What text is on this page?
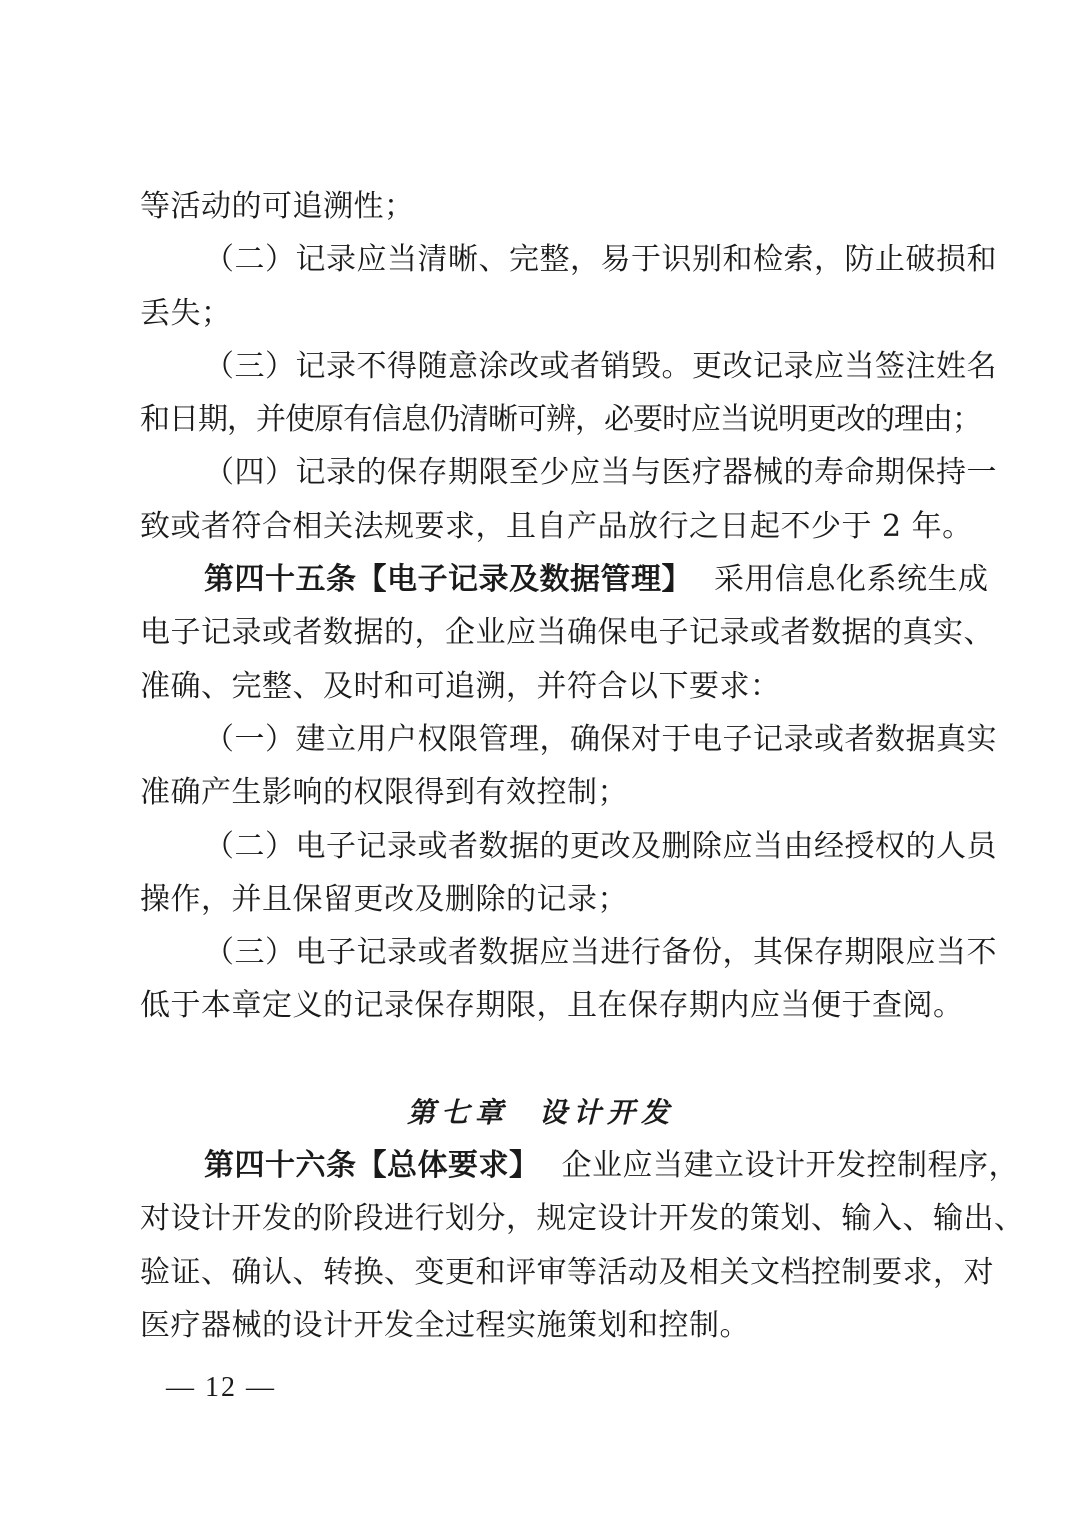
等活动的可追溯性；
（二）记录应当清晰、完整，易于识别和检索，防止破损和
丢失；
（三）记录不得随意涂改或者销毁。更改记录应当签注姓名
和日期，并使原有信息仍清晰可辨，必要时应当说明更改的理由；
（四）记录的保存期限至少应当与医疗器械的寿命期保持一
致或者符合相关法规要求，且自产品放行之日起不少于 2 年。
第四十五条【电子记录及数据管理】 采用信息化系统生成
电子记录或者数据的，企业应当确保电子记录或者数据的真实、
准确、完整、及时和可追溯，并符合以下要求：
（一）建立用户权限管理，确保对于电子记录或者数据真实
准确产生影响的权限得到有效控制；
（二）电子记录或者数据的更改及删除应当由经授权的人员
操作，并且保留更改及删除的记录；
（三）电子记录或者数据应当进行备份，其保存期限应当不
低于本章定义的记录保存期限，且在保存期内应当便于查阅。
第七章 设计开发
第四十六条【总体要求】 企业应当建立设计开发控制程序，
对设计开发的阶段进行划分，规定设计开发的策划、输入、输出、
验证、确认、转换、变更和评审等活动及相关文档控制要求，对
医疗器械的设计开发全过程实施策划和控制。
— 12 —
